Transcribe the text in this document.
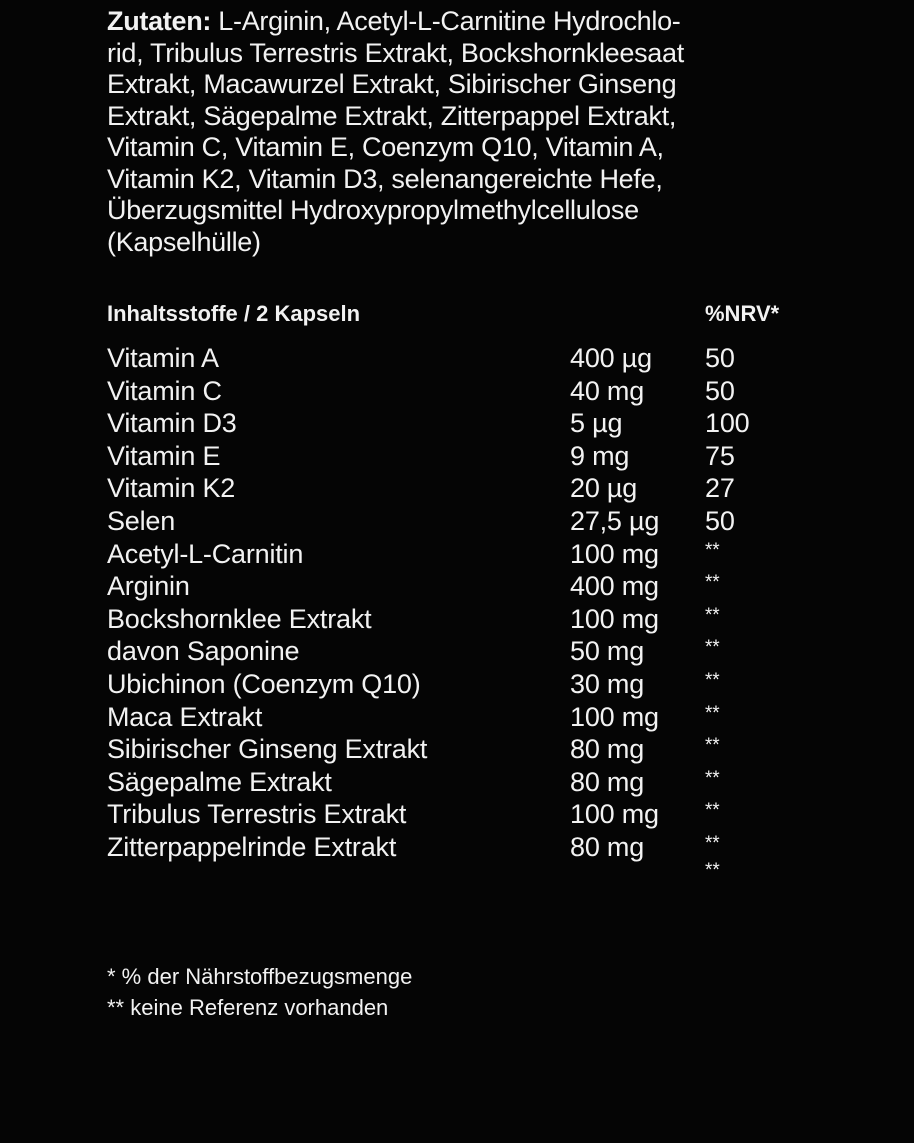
Zutaten: L-Arginin, Acetyl-L-Carnitine Hydrochlo-
rid, Tribulus Terrestris Extrakt, Bockshornkleesaat
Extrakt, Macawurzel Extrakt, Sibirischer Ginseng
Extrakt, Sägepalme Extrakt, Zitterpappel Extrakt,
Vitamin C, Vitamin E, Coenzym Q10, Vitamin A,
Vitamin K2, Vitamin D3, selenangereichte Hefe,
Überzugsmittel Hydroxypropylmethylcellulose
(Kapselhülle)
Inhaltsstoffe / 2 Kapseln	%NRV*
Vitamin A	400 µg 50
Vitamin C	40 mg 50
Vitamin D3	5 µg	100
Vitamin E	9 mg	75
Vitamin K2	20 µg	27
Selen	27,5 µg 50
Acetyl-L-Carnitin	100 mg **
Arginin	400 mg **
Bockshornklee Extrakt	100 mg **
davon Saponine	50 mg	**
Ubichinon (Coenzym Q10)	30 mg	**
Maca Extrakt	100 mg **
Sibirischer Ginseng Extrakt	80 mg	**
Sägepalme Extrakt	80 mg	**
Tribulus Terrestris Extrakt	100 mg **
Zitterpappelrinde Extrakt	80 mg	**
**
* % der Nährstoffbezugsmenge
** keine Referenz vorhanden
